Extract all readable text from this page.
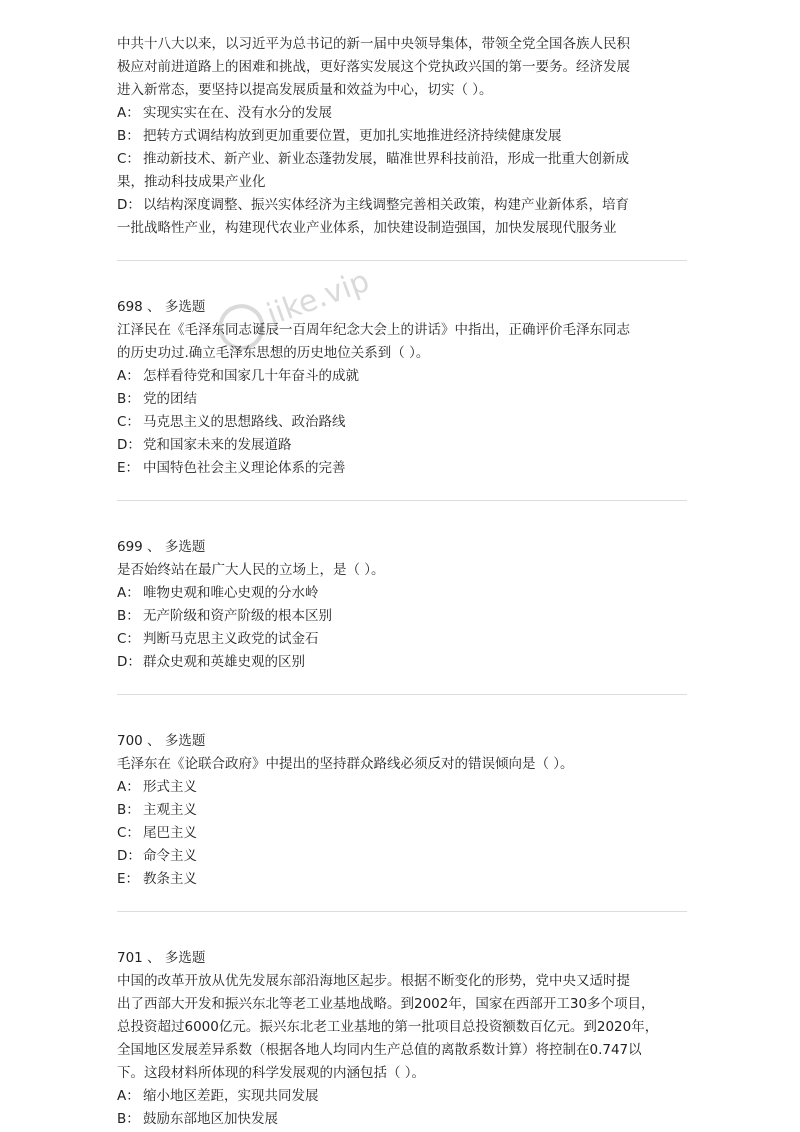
jike.vip
中共十八大以来，以习近平为总书记的新一届中央领导集体，带领全党全国各族人民积
极应对前进道路上的困难和挑战，更好落实发展这个党执政兴国的第一要务。经济发展
进入新常态，要坚持以提高发展质量和效益为中心，切实（ ）。
A： 实现实实在在、没有水分的发展
B： 把转方式调结构放到更加重要位置，更加扎实地推进经济持续健康发展
C： 推动新技术、新产业、新业态蓬勃发展，瞄准世界科技前沿，形成一批重大创新成
果，推动科技成果产业化
D： 以结构深度调整、振兴实体经济为主线调整完善相关政策，构建产业新体系，培育
一批战略性产业，构建现代农业产业体系，加快建设制造强国，加快发展现代服务业
698 、 多选题
江泽民在《毛泽东同志诞辰一百周年纪念大会上的讲话》中指出，正确评价毛泽东同志
的历史功过.确立毛泽东思想的历史地位关系到（ ）。
A： 怎样看待党和国家几十年奋斗的成就
B： 党的团结
C： 马克思主义的思想路线、政治路线
D： 党和国家未来的发展道路
E： 中国特色社会主义理论体系的完善
699 、 多选题
是否始终站在最广大人民的立场上，是（ ）。
A： 唯物史观和唯心史观的分水岭
B： 无产阶级和资产阶级的根本区别
C： 判断马克思主义政党的试金石
D： 群众史观和英雄史观的区别
700 、 多选题
毛泽东在《论联合政府》中提出的坚持群众路线必须反对的错误倾向是（ ）。
A： 形式主义
B： 主观主义
C： 尾巴主义
D： 命令主义
E： 教条主义
701 、 多选题
中国的改革开放从优先发展东部沿海地区起步。根据不断变化的形势，党中央又适时提
出了西部大开发和振兴东北等老工业基地战略。到2002年，国家在西部开工30多个项目，
总投资超过6000亿元。振兴东北老工业基地的第一批项目总投资额数百亿元。到2020年，
全国地区发展差异系数（根据各地人均同内生产总值的离散系数计算）将控制在0.747以
下。这段材料所体现的科学发展观的内涵包括（ ）。
A： 缩小地区差距，实现共同发展
B： 鼓励东部地区加快发展
